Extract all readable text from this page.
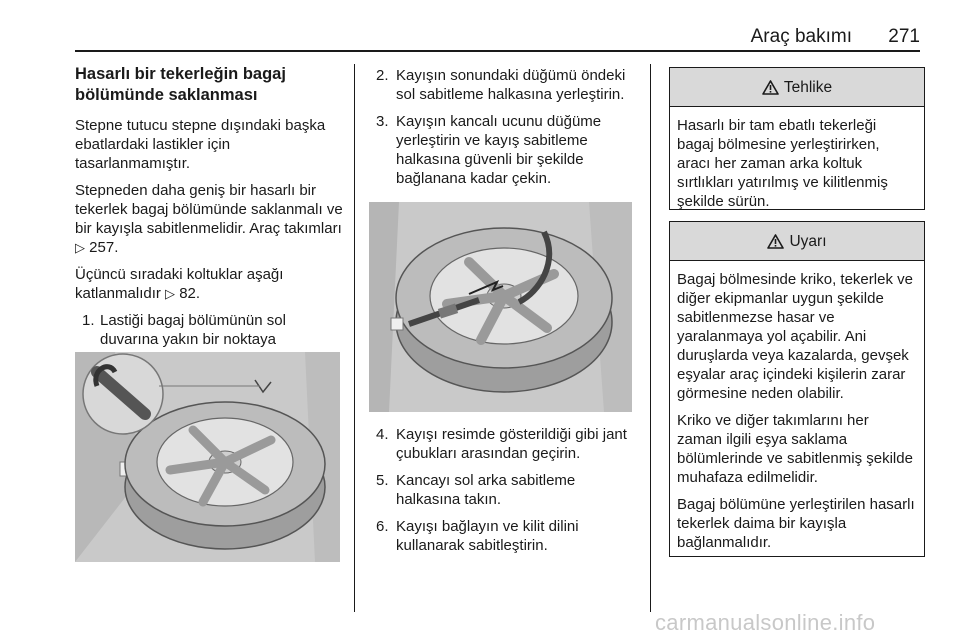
Araç bakımı 271
Hasarlı bir tekerleğin bagaj bölümünde saklanması

Stepne tutucu stepne dışındaki başka ebatlardaki lastikler için tasarlanmamıştır.

Stepneden daha geniş bir hasarlı bir tekerlek bagaj bölümünde saklanmalı ve bir kayışla sabitlenmelidir. Araç takımları ▷ 257.

Üçüncü sıradaki koltuklar aşağı katlanmalıdır ▷ 82.

1. Lastiği bagaj bölümünün sol duvarına yakın bir noktaya
2. Kayışın sonundaki düğümü öndeki sol sabitleme halkasına yerleştirin.
3. Kayışın kancalı ucunu düğüme yerleştirin ve kayış sabitleme halkasına güvenli bir şekilde bağlanana kadar çekin.
4. Kayışı resimde gösterildiği gibi jant çubukları arasından geçirin.
5. Kancayı sol arka sabitleme halkasına takın.
6. Kayışı bağlayın ve kilit dilini kullanarak sabitleştirin.
Tehlike

Hasarlı bir tam ebatlı tekerleği bagaj bölmesine yerleştirirken, aracı her zaman arka koltuk sırtlıkları yatırılmış ve kilitlenmiş şekilde sürün.

Uyarı

Bagaj bölmesinde kriko, tekerlek ve diğer ekipmanlar uygun şekilde sabitlenmezse hasar ve yaralanmaya yol açabilir. Ani duruşlarda veya kazalarda, gevşek eşyalar araç içindeki kişilerin zarar görmesine neden olabilir.

Kriko ve diğer takımlarını her zaman ilgili eşya saklama bölümlerinde ve sabitlenmiş şekilde muhafaza edilmelidir.

Bagaj bölümüne yerleştirilen hasarlı tekerlek daima bir kayışla bağlanmalıdır.

carmanualsonline.info
